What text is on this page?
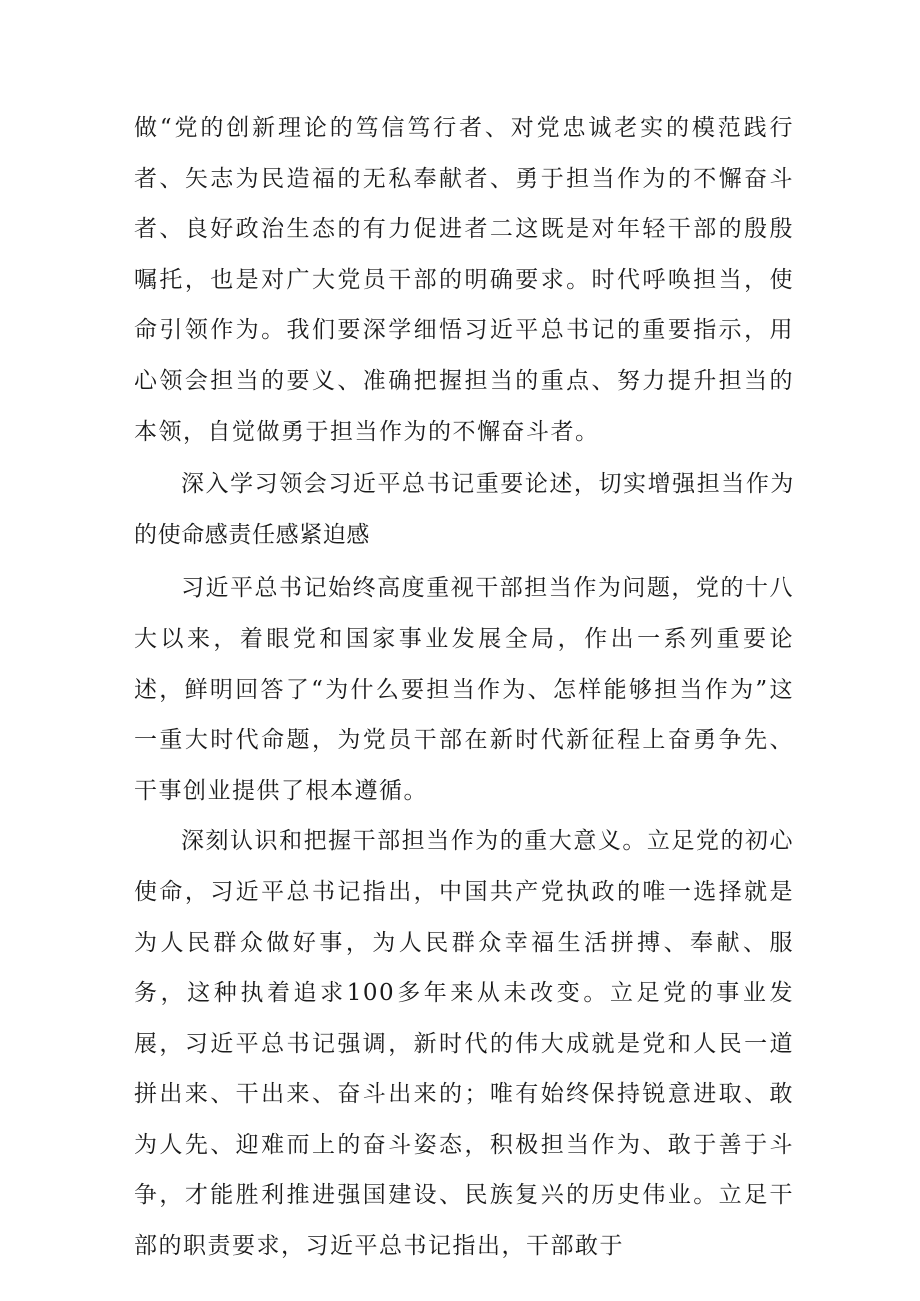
做“党的创新理论的笃信笃行者、对党忠诚老实的模范践行者、矢志为民造福的无私奉献者、勇于担当作为的不懈奋斗者、良好政治生态的有力促进者二这既是对年轻干部的殷殷嘱托，也是对广大党员干部的明确要求。时代呼唤担当，使命引领作为。我们要深学细悟习近平总书记的重要指示，用心领会担当的要义、准确把握担当的重点、努力提升担当的本领，自觉做勇于担当作为的不懈奋斗者。

深入学习领会习近平总书记重要论述，切实增强担当作为的使命感责任感紧迫感

习近平总书记始终高度重视干部担当作为问题，党的十八大以来，着眼党和国家事业发展全局，作出一系列重要论述，鲜明回答了“为什么要担当作为、怎样能够担当作为”这一重大时代命题，为党员干部在新时代新征程上奋勇争先、干事创业提供了根本遵循。

深刻认识和把握干部担当作为的重大意义。立足党的初心使命，习近平总书记指出，中国共产党执政的唯一选择就是为人民群众做好事，为人民群众幸福生活拼搏、奉献、服务，这种执着追求100多年来从未改变。立足党的事业发展，习近平总书记强调，新时代的伟大成就是党和人民一道拼出来、干出来、奋斗出来的；唯有始终保持锐意进取、敢为人先、迎难而上的奋斗姿态，积极担当作为、敢于善于斗争，才能胜利推进强国建设、民族复兴的历史伟业。立足干部的职责要求，习近平总书记指出，干部敢于
